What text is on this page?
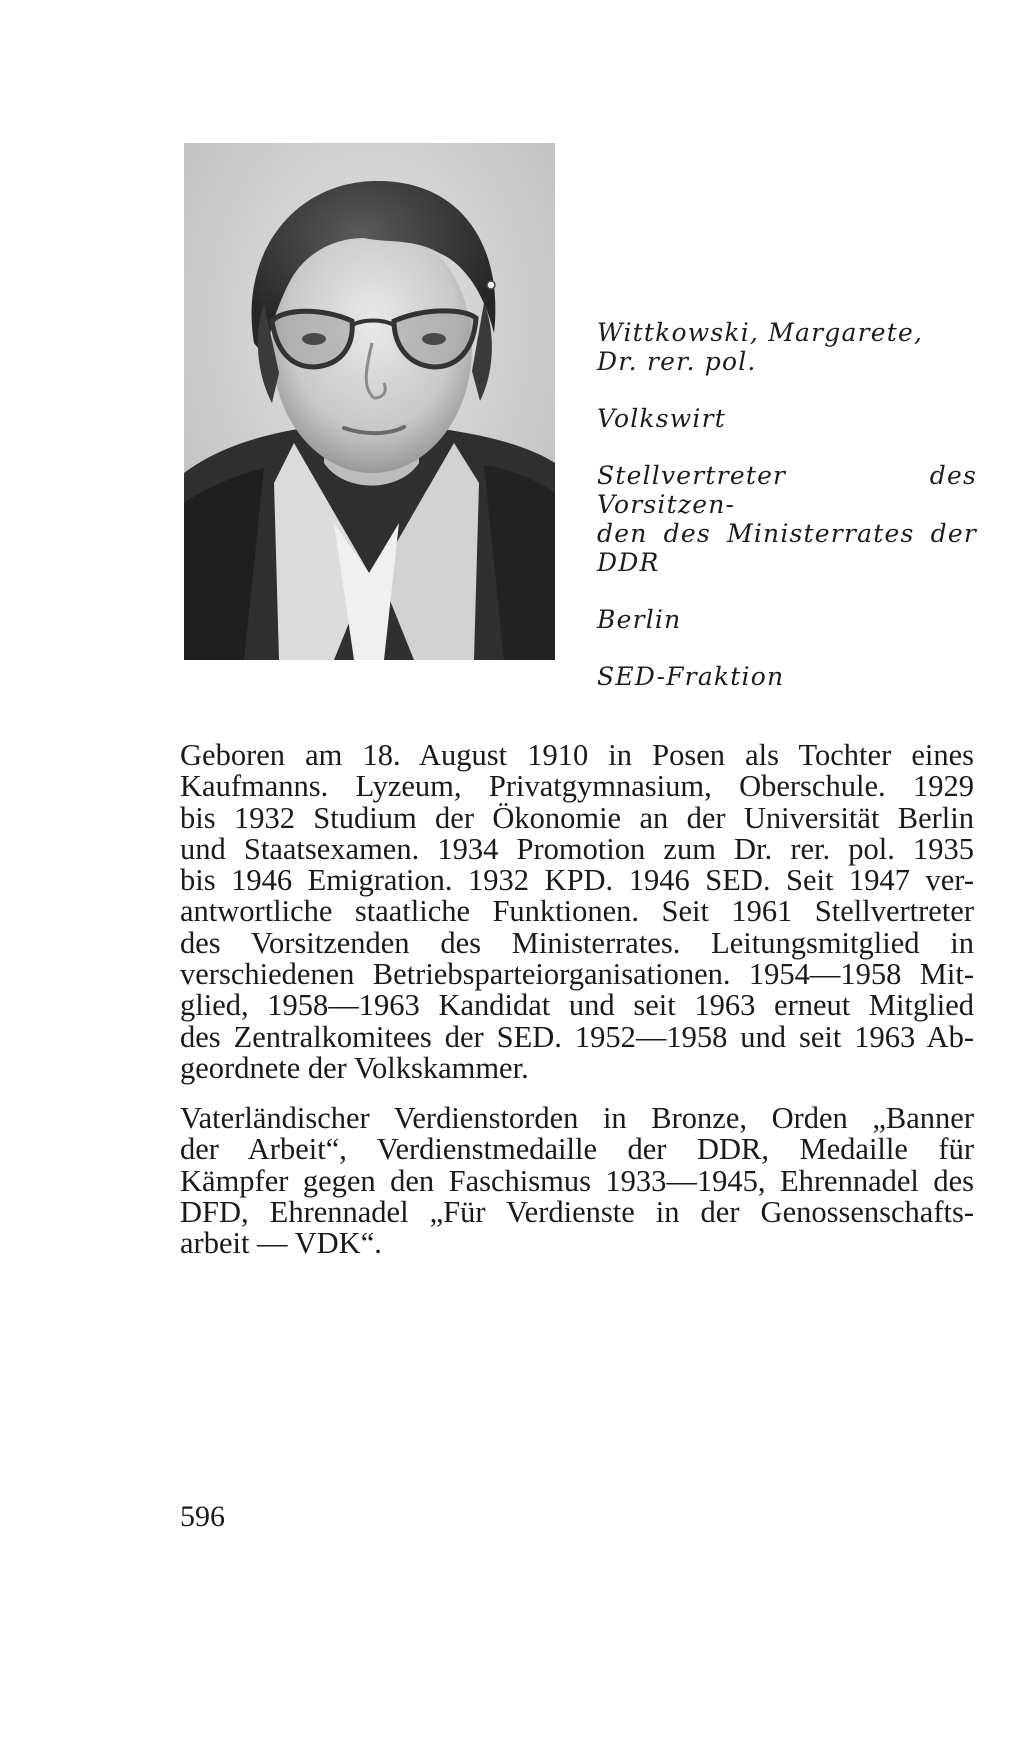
Wittkowski, Margarete,
Dr. rer. pol.
Volkswirt
Stellvertreter des Vorsitzen-
den des Ministerrates der
DDR
Berlin
SED-Fraktion
Geboren am 18. August 1910 in Posen als Tochter eines
Kaufmanns. Lyzeum, Privatgymnasium, Oberschule. 1929
bis 1932 Studium der Ökonomie an der Universität Berlin
und Staatsexamen. 1934 Promotion zum Dr. rer. pol. 1935
bis 1946 Emigration. 1932 KPD. 1946 SED. Seit 1947 ver-
antwortliche staatliche Funktionen. Seit 1961 Stellvertreter
des Vorsitzenden des Ministerrates. Leitungsmitglied in
verschiedenen Betriebsparteiorganisationen. 1954—1958 Mit-
glied, 1958—1963 Kandidat und seit 1963 erneut Mitglied
des Zentralkomitees der SED. 1952—1958 und seit 1963 Ab-
geordnete der Volkskammer.
Vaterländischer Verdienstorden in Bronze, Orden „Banner
der Arbeit“, Verdienstmedaille der DDR, Medaille für
Kämpfer gegen den Faschismus 1933—1945, Ehrennadel des
DFD, Ehrennadel „Für Verdienste in der Genossenschafts-
arbeit — VDK“.
596
